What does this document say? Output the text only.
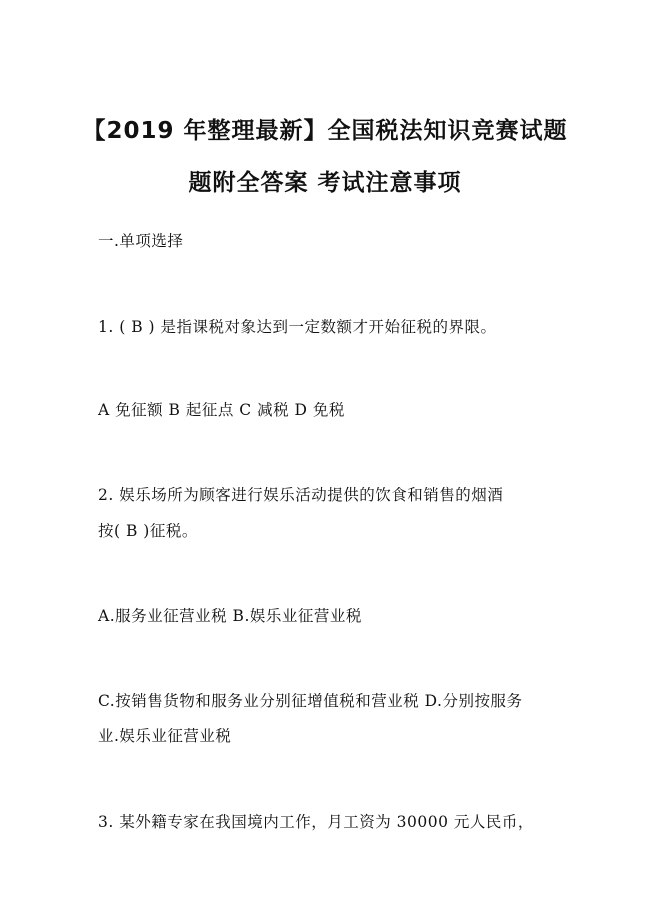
【2019 年整理最新】全国税法知识竞赛试题
题附全答案 考试注意事项
一.单项选择
1. ( B ) 是指课税对象达到一定数额才开始征税的界限。
A 免征额 B 起征点 C 减税 D 免税
2. 娱乐场所为顾客进行娱乐活动提供的饮食和销售的烟酒
按( B )征税。
A.服务业征营业税 B.娱乐业征营业税
C.按销售货物和服务业分别征增值税和营业税 D.分别按服务
业.娱乐业征营业税
3. 某外籍专家在我国境内工作，月工资为 30000 元人民币，
